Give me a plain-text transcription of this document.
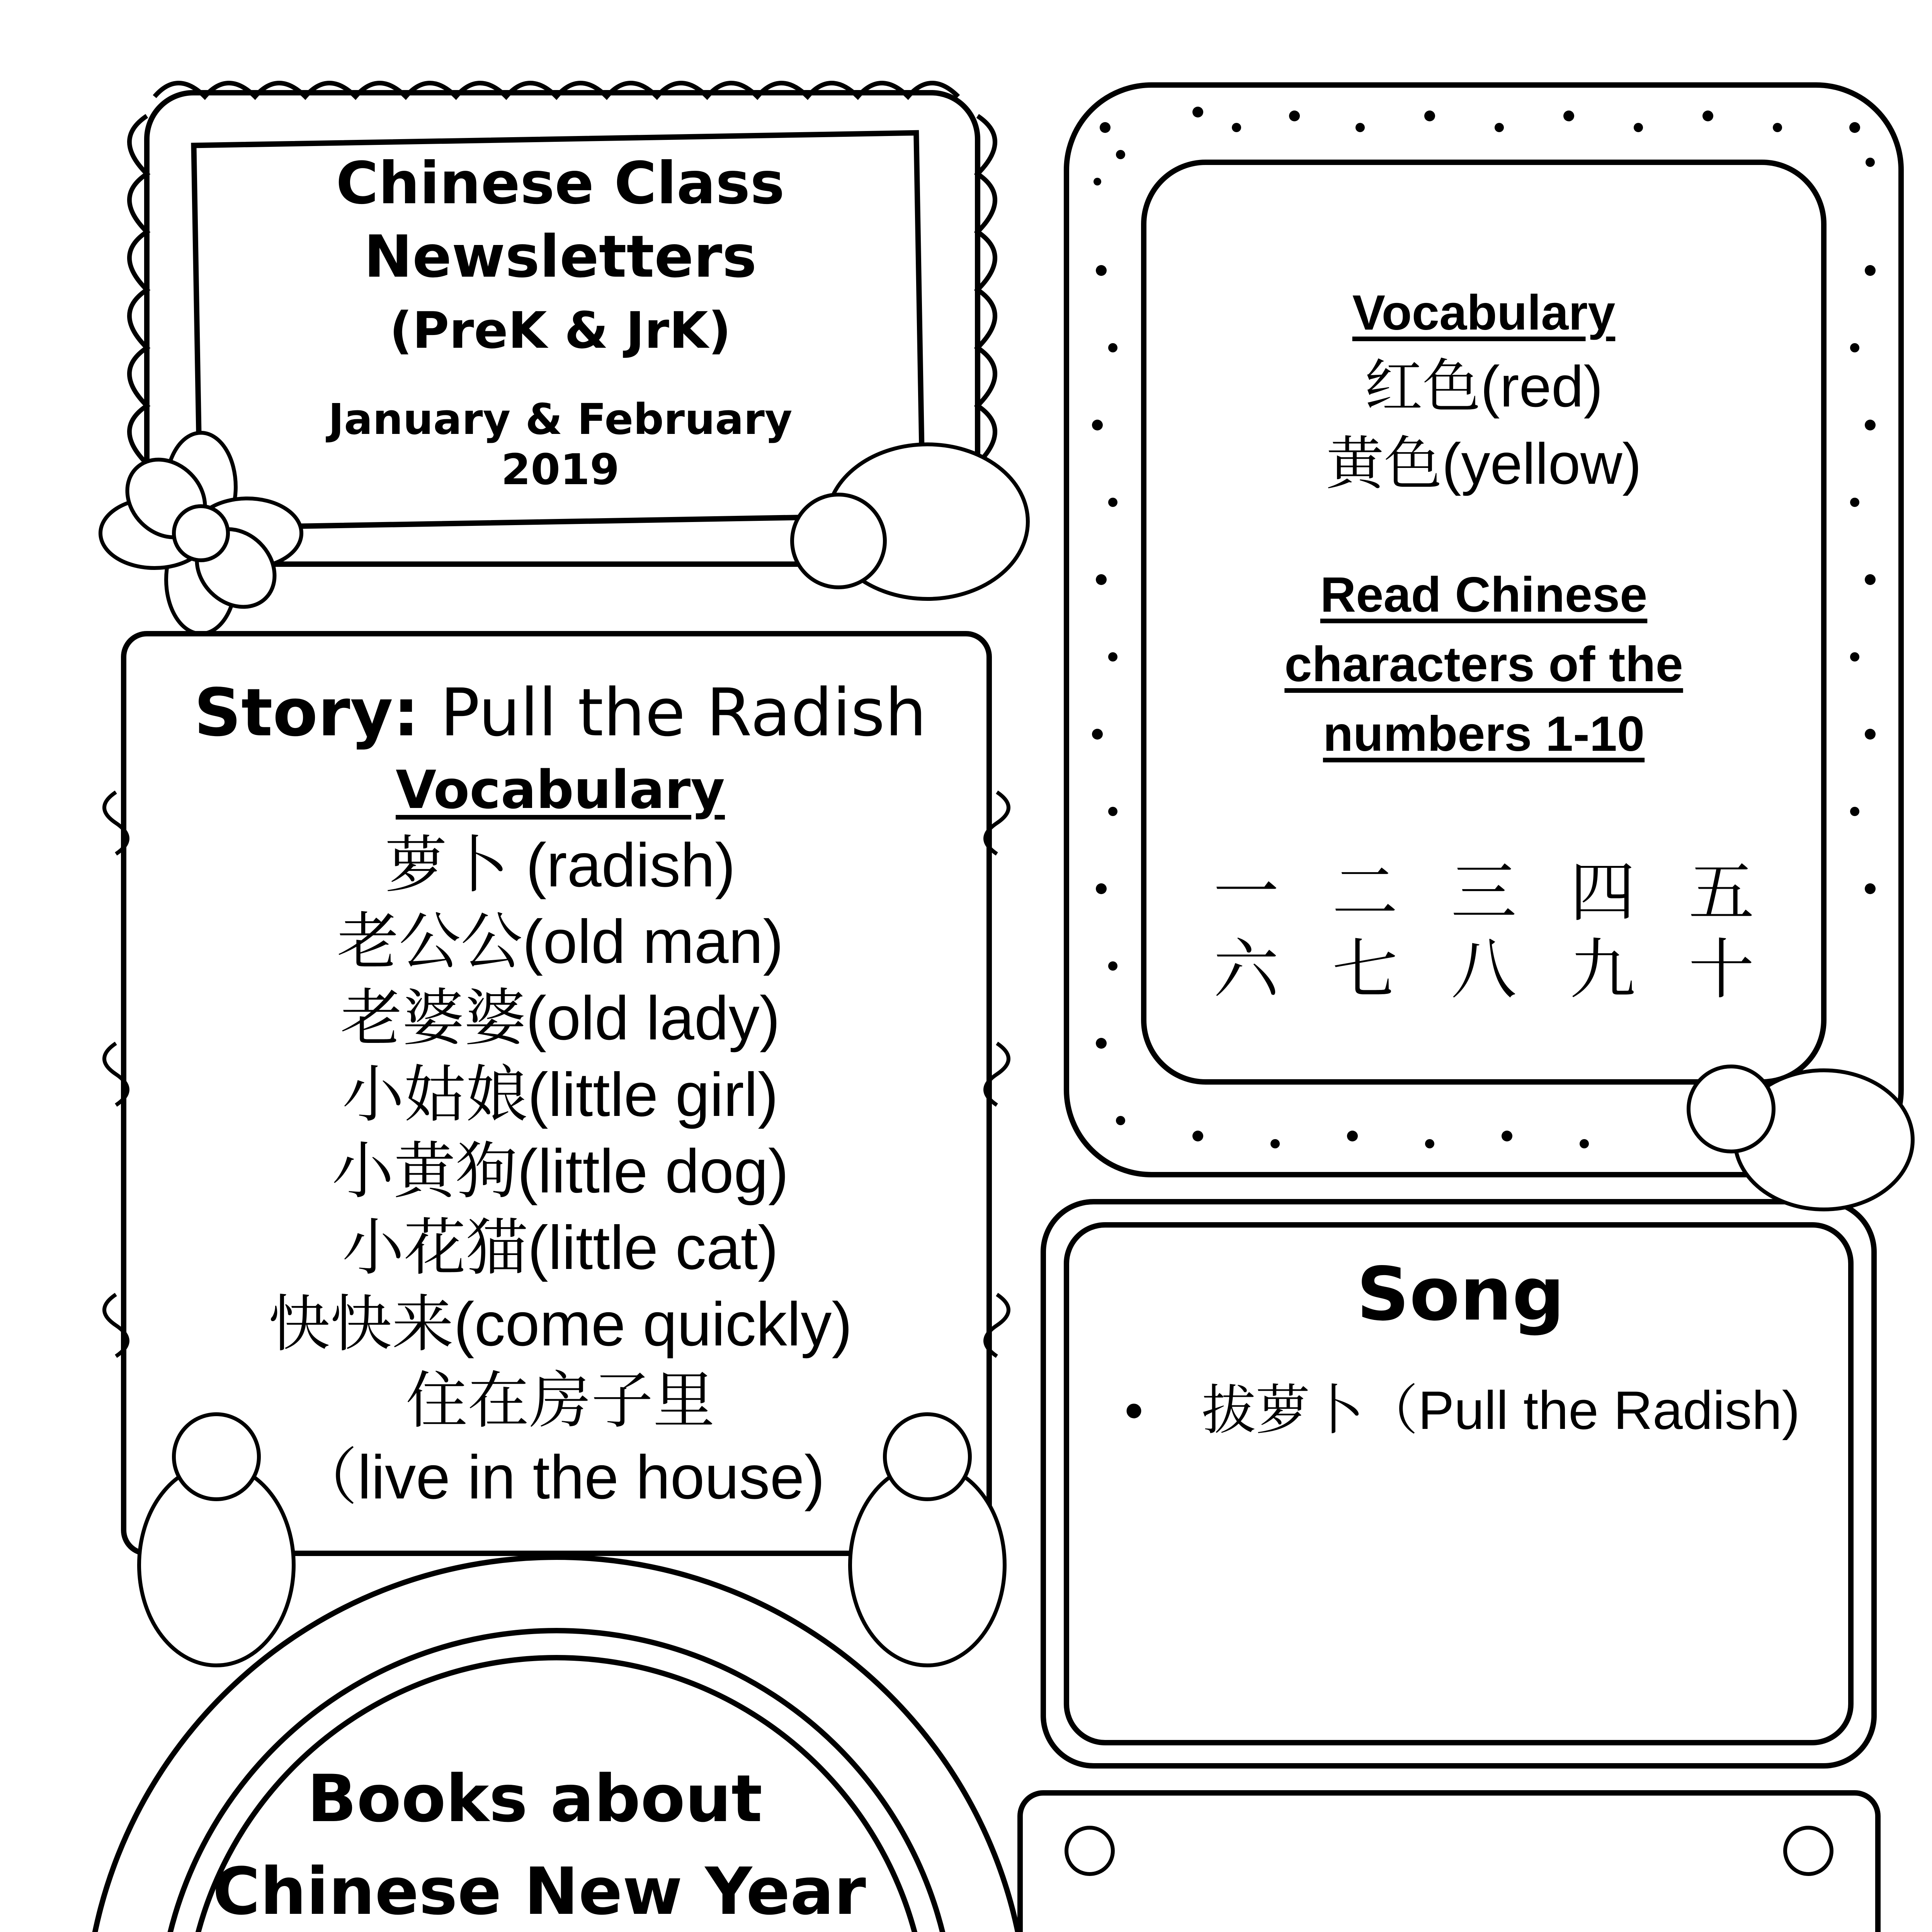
Chinese Class
Newsletters
(PreK & JrK)
January & February
2019
Vocabulary
红色(red)
黄色(yellow)
Read Chinese
characters of the
numbers 1-10
一 二 三 四 五
六 七 八 九 十
Story: Pull the Radish
Vocabulary
萝卜 (radish)
老公公(old man)
老婆婆(old lady)
小姑娘(little girl)
小黄狗(little dog)
小花猫(little cat)
快快来(come quickly)
住在房子里
（live in the house)
Song
• 拔萝卜（Pull the Radish)
Books about
Chinese New Year
